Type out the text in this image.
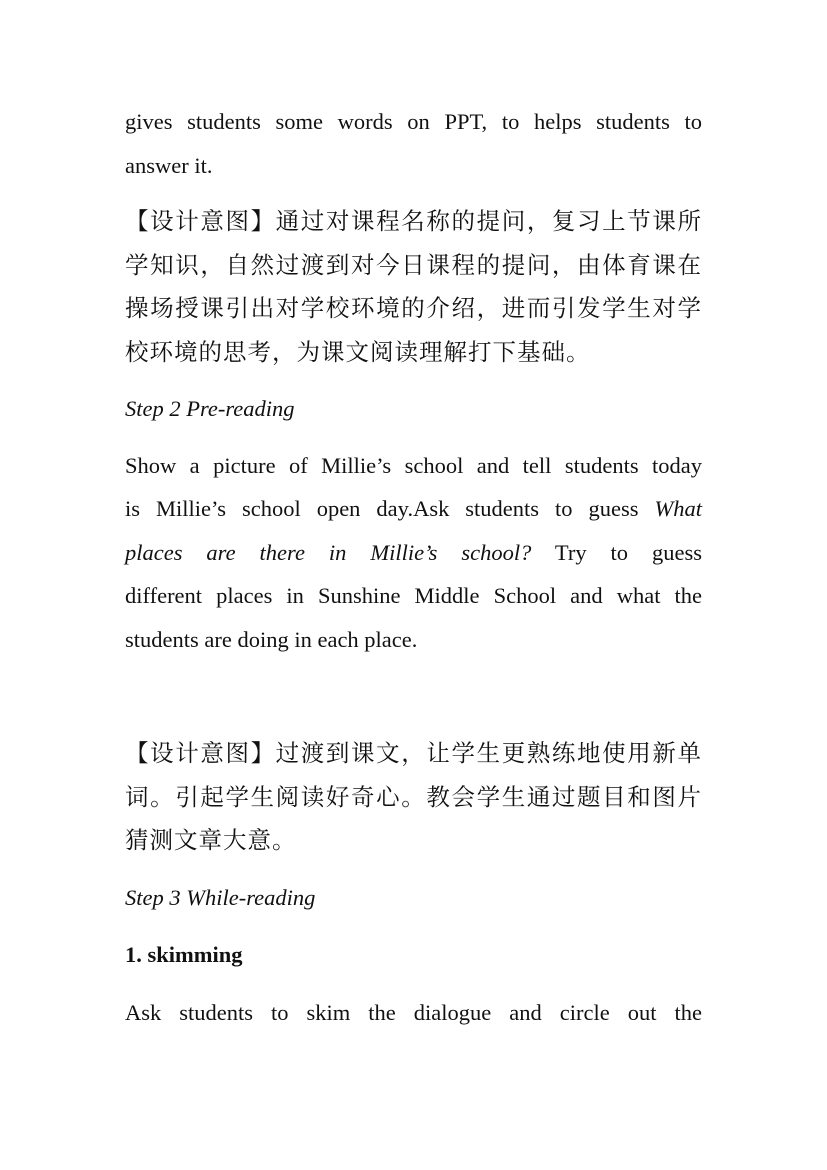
gives students some words on PPT, to helps students to
answer it.

【设计意图】通过对课程名称的提问，复习上节课所
学知识，自然过渡到对今日课程的提问，由体育课在
操场授课引出对学校环境的介绍，进而引发学生对学
校环境的思考，为课文阅读理解打下基础。

Step 2 Pre-reading

Show a picture of Millie’s school and tell students today
is Millie’s school open day.Ask students to guess What
places are there in Millie’s school? Try to guess
different places in Sunshine Middle School and what the
students are doing in each place.

【设计意图】过渡到课文，让学生更熟练地使用新单
词。引起学生阅读好奇心。教会学生通过题目和图片
猜测文章大意。

Step 3 While-reading

1. skimming

Ask students to skim the dialogue and circle out the
